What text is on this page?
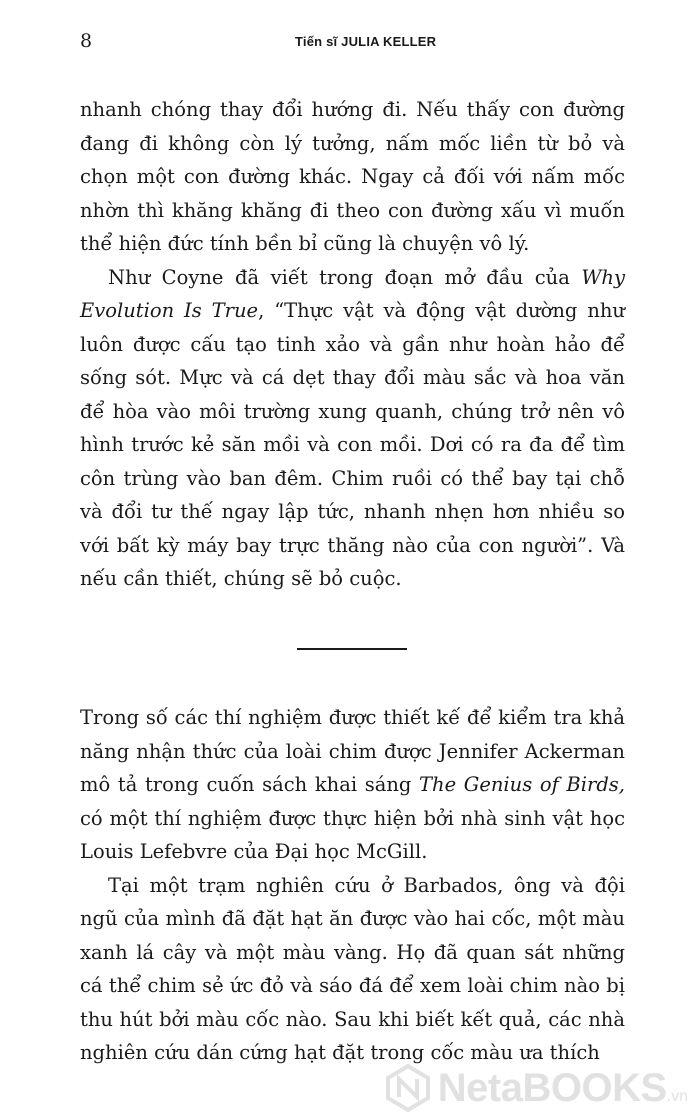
8	Tiến sĩ JULIA KELLER

nhanh chóng thay đổi hướng đi. Nếu thấy con đường đang đi không còn lý tưởng, nấm mốc liền từ bỏ và chọn một con đường khác. Ngay cả đối với nấm mốc nhờn thì khăng khăng đi theo con đường xấu vì muốn thể hiện đức tính bền bỉ cũng là chuyện vô lý.

Như Coyne đã viết trong đoạn mở đầu của Why Evolution Is True, “Thực vật và động vật dường như luôn được cấu tạo tinh xảo và gần như hoàn hảo để sống sót. Mực và cá dẹt thay đổi màu sắc và hoa văn để hòa vào môi trường xung quanh, chúng trở nên vô hình trước kẻ săn mồi và con mồi. Dơi có ra đa để tìm côn trùng vào ban đêm. Chim ruồi có thể bay tại chỗ và đổi tư thế ngay lập tức, nhanh nhẹn hơn nhiều so với bất kỳ máy bay trực thăng nào của con người”. Và nếu cần thiết, chúng sẽ bỏ cuộc.

Trong số các thí nghiệm được thiết kế để kiểm tra khả năng nhận thức của loài chim được Jennifer Ackerman mô tả trong cuốn sách khai sáng The Genius of Birds, có một thí nghiệm được thực hiện bởi nhà sinh vật học Louis Lefebvre của Đại học McGill.

Tại một trạm nghiên cứu ở Barbados, ông và đội ngũ của mình đã đặt hạt ăn được vào hai cốc, một màu xanh lá cây và một màu vàng. Họ đã quan sát những cá thể chim sẻ ức đỏ và sáo đá để xem loài chim nào bị thu hút bởi màu cốc nào. Sau khi biết kết quả, các nhà nghiên cứu dán cứng hạt đặt trong cốc màu ưa thích

NetaBOOKS .vn
